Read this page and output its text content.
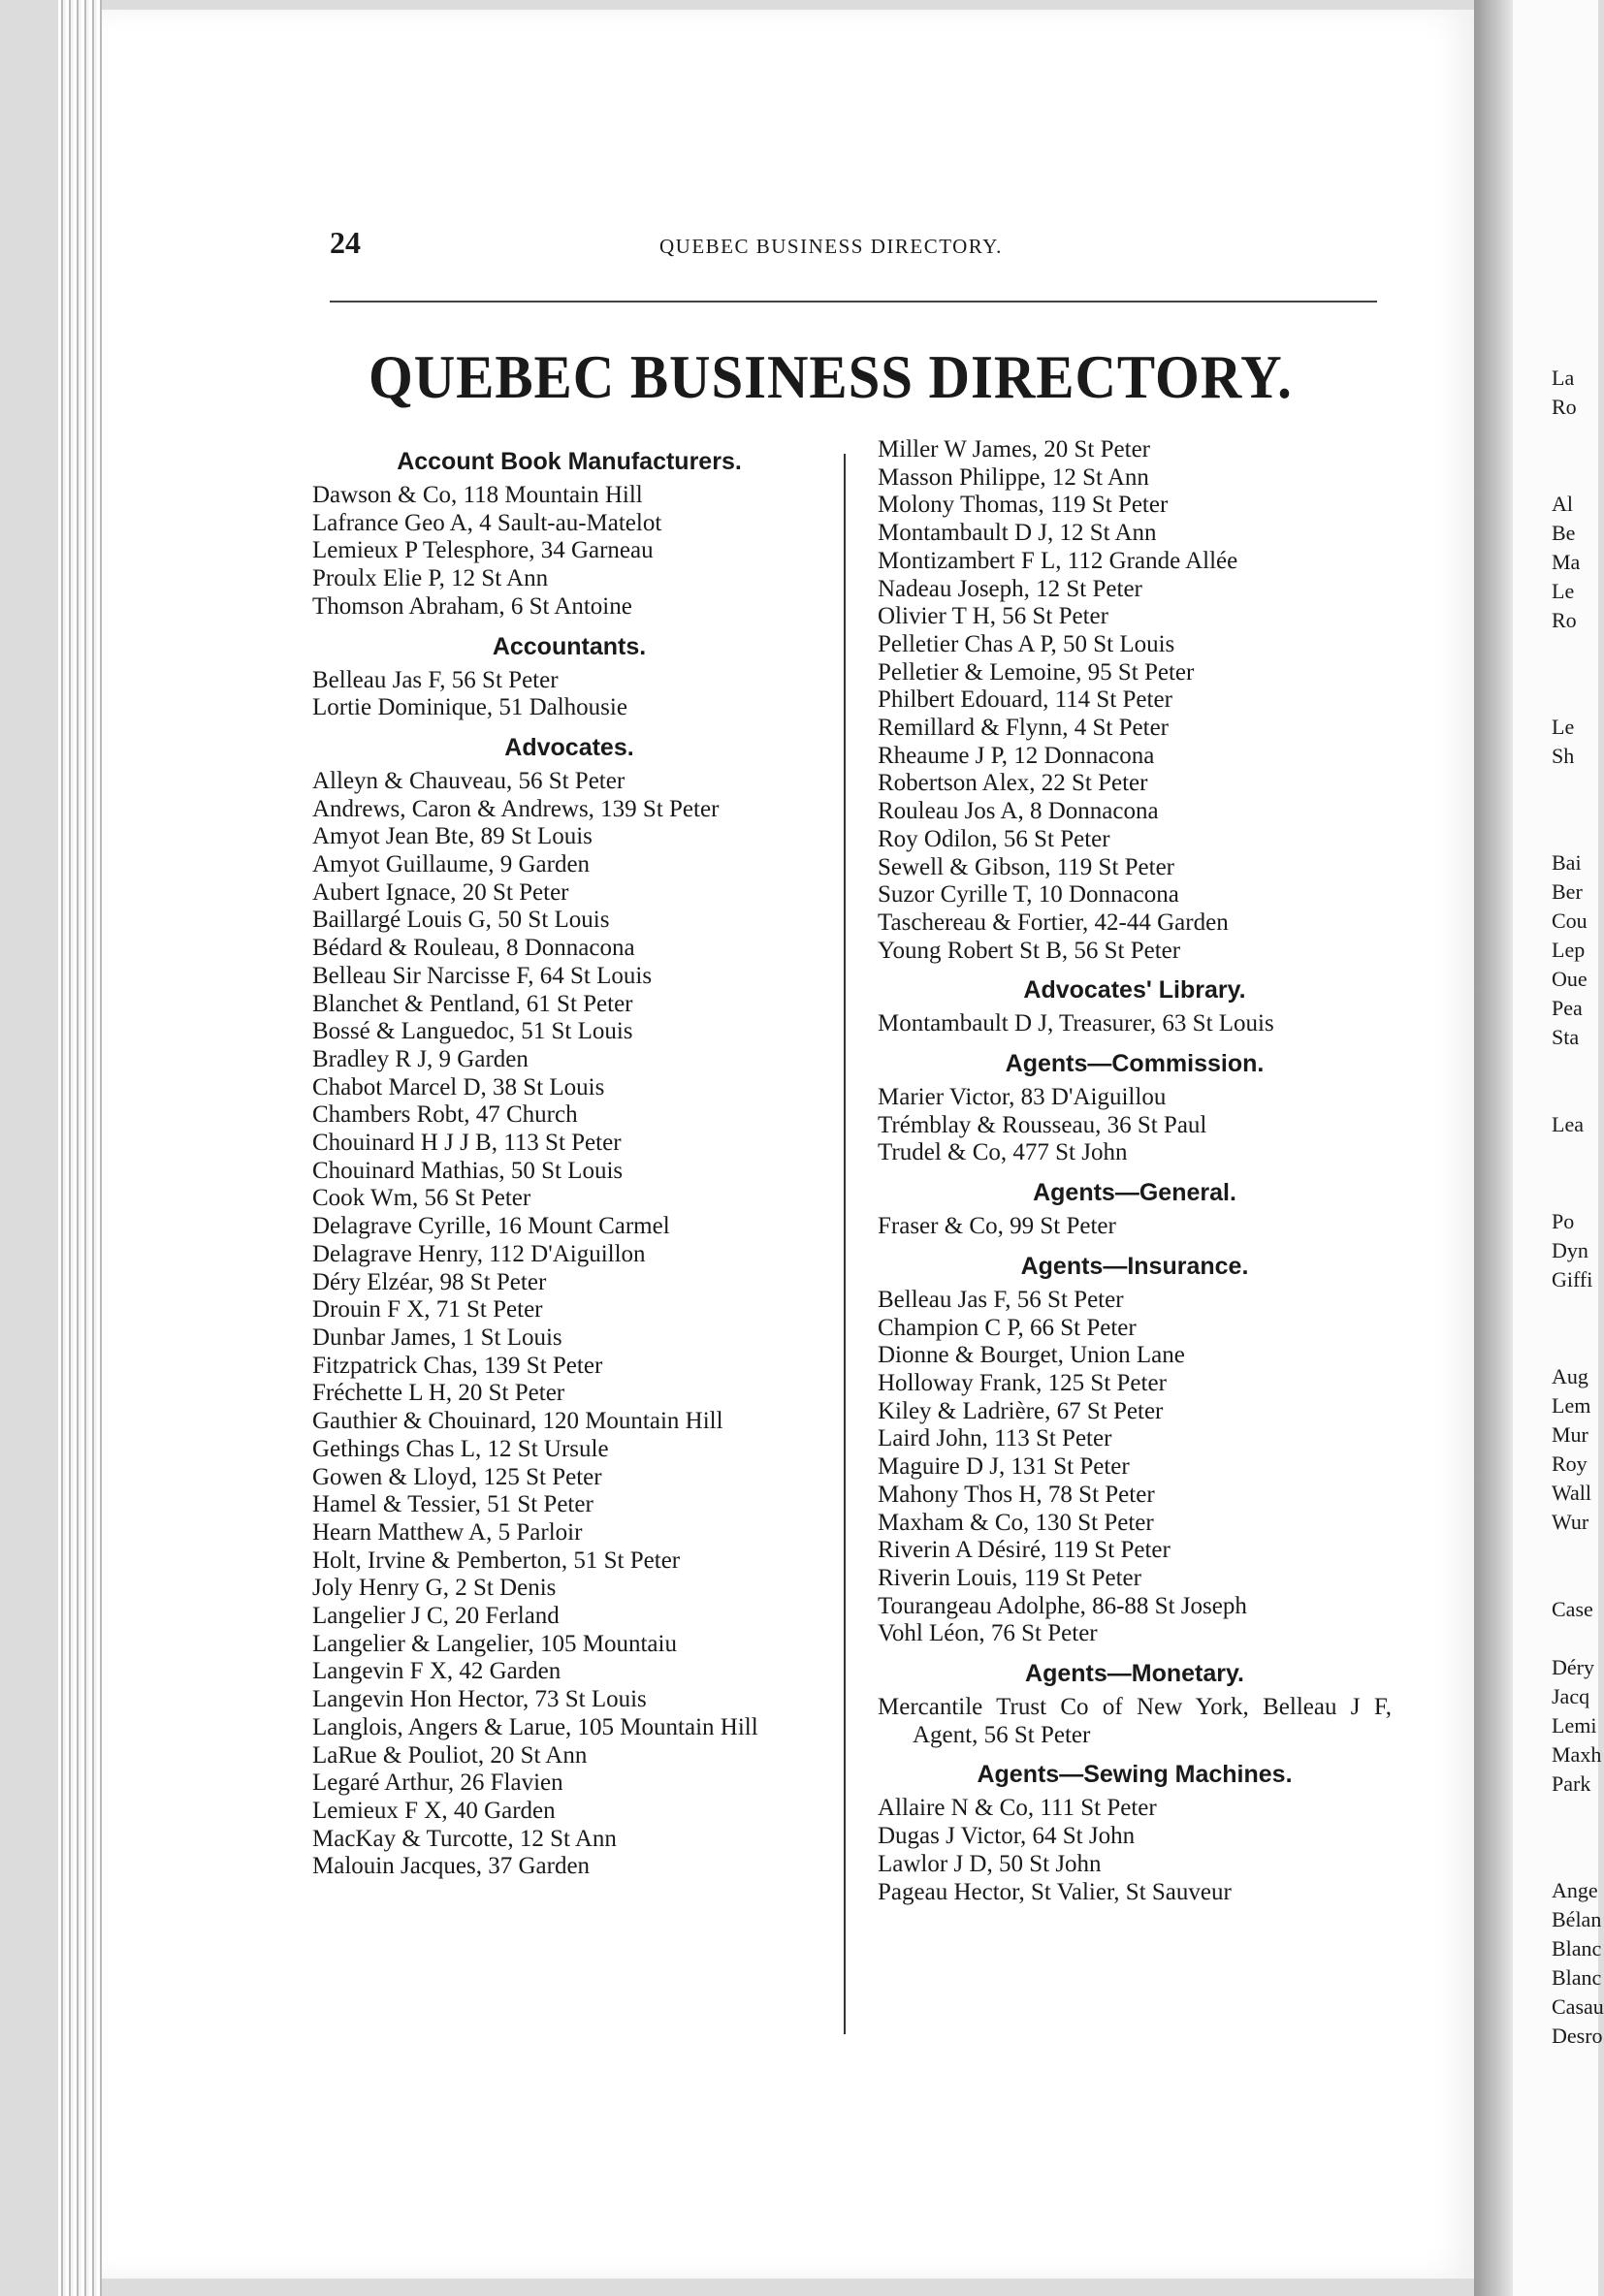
La
Ro
Al
Be
Ma
Le
Ro
Le
Sh
Bai
Ber
Cou
Lep
Oue
Pea
Sta
Lea
Po
Dyn
Giffi
Aug
Lem
Mur
Roy
Wall
Wur
Case
Déry
Jacq
Lemi
Maxh
Park
Ange
Bélan
Blanc
Blanc
Casau
Desro
24	QUEBEC BUSINESS DIRECTORY.
QUEBEC BUSINESS DIRECTORY.
Account Book Manufacturers.
Dawson & Co, 118 Mountain Hill
Lafrance Geo A, 4 Sault-au-Matelot
Lemieux P Telesphore, 34 Garneau
Proulx Elie P, 12 St Ann
Thomson Abraham, 6 St Antoine
Accountants.
Belleau Jas F, 56 St Peter
Lortie Dominique, 51 Dalhousie
Advocates.
Alleyn & Chauveau, 56 St Peter
Andrews, Caron & Andrews, 139 St Peter
Amyot Jean Bte, 89 St Louis
Amyot Guillaume, 9 Garden
Aubert Ignace, 20 St Peter
Baillargé Louis G, 50 St Louis
Bédard & Rouleau, 8 Donnacona
Belleau Sir Narcisse F, 64 St Louis
Blanchet & Pentland, 61 St Peter
Bossé & Languedoc, 51 St Louis
Bradley R J, 9 Garden
Chabot Marcel D, 38 St Louis
Chambers Robt, 47 Church
Chouinard H J J B, 113 St Peter
Chouinard Mathias, 50 St Louis
Cook Wm, 56 St Peter
Delagrave Cyrille, 16 Mount Carmel
Delagrave Henry, 112 D'Aiguillon
Déry Elzéar, 98 St Peter
Drouin F X, 71 St Peter
Dunbar James, 1 St Louis
Fitzpatrick Chas, 139 St Peter
Fréchette L H, 20 St Peter
Gauthier & Chouinard, 120 Mountain Hill
Gethings Chas L, 12 St Ursule
Gowen & Lloyd, 125 St Peter
Hamel & Tessier, 51 St Peter
Hearn Matthew A, 5 Parloir
Holt, Irvine & Pemberton, 51 St Peter
Joly Henry G, 2 St Denis
Langelier J C, 20 Ferland
Langelier & Langelier, 105 Mountaiu
Langevin F X, 42 Garden
Langevin Hon Hector, 73 St Louis
Langlois, Angers & Larue, 105 Mountain Hill
LaRue & Pouliot, 20 St Ann
Legaré Arthur, 26 Flavien
Lemieux F X, 40 Garden
MacKay & Turcotte, 12 St Ann
Malouin Jacques, 37 Garden
Miller W James, 20 St Peter
Masson Philippe, 12 St Ann
Molony Thomas, 119 St Peter
Montambault D J, 12 St Ann
Montizambert F L, 112 Grande Allée
Nadeau Joseph, 12 St Peter
Olivier T H, 56 St Peter
Pelletier Chas A P, 50 St Louis
Pelletier & Lemoine, 95 St Peter
Philbert Edouard, 114 St Peter
Remillard & Flynn, 4 St Peter
Rheaume J P, 12 Donnacona
Robertson Alex, 22 St Peter
Rouleau Jos A, 8 Donnacona
Roy Odilon, 56 St Peter
Sewell & Gibson, 119 St Peter
Suzor Cyrille T, 10 Donnacona
Taschereau & Fortier, 42-44 Garden
Young Robert St B, 56 St Peter
Advocates' Library.
Montambault D J, Treasurer, 63 St Louis
Agents—Commission.
Marier Victor, 83 D'Aiguillou
Trémblay & Rousseau, 36 St Paul
Trudel & Co, 477 St John
Agents—General.
Fraser & Co, 99 St Peter
Agents—Insurance.
Belleau Jas F, 56 St Peter
Champion C P, 66 St Peter
Dionne & Bourget, Union Lane
Holloway Frank, 125 St Peter
Kiley & Ladrière, 67 St Peter
Laird John, 113 St Peter
Maguire D J, 131 St Peter
Mahony Thos H, 78 St Peter
Maxham & Co, 130 St Peter
Riverin A Désiré, 119 St Peter
Riverin Louis, 119 St Peter
Tourangeau Adolphe, 86-88 St Joseph
Vohl Léon, 76 St Peter
Agents—Monetary.
Mercantile Trust Co of New York, Belleau J F, Agent, 56 St Peter
Agents—Sewing Machines.
Allaire N & Co, 111 St Peter
Dugas J Victor, 64 St John
Lawlor J D, 50 St John
Pageau Hector, St Valier, St Sauveur
